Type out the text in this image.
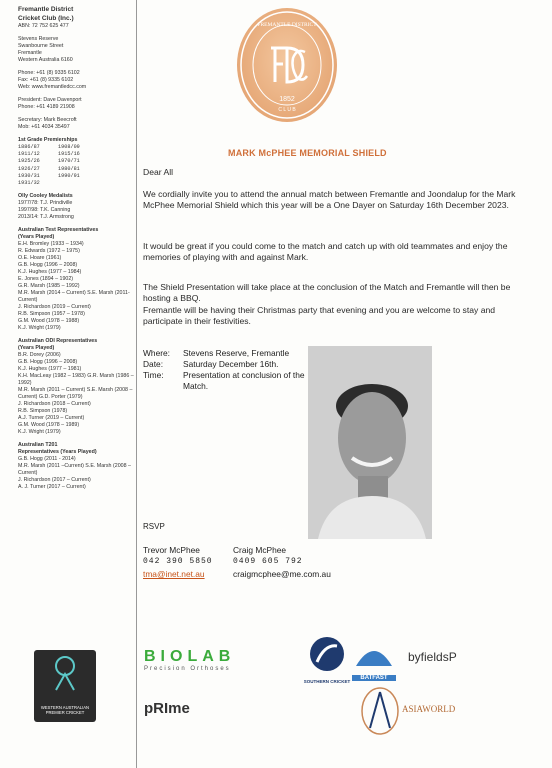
Fremantle District
Cricket Club (Inc.)
ABN: 72 752 625 477
Stevens Reserve
Swanbourne Street
Fremantle
Western Australia 6160
Phone: +61 (8) 9335 6102
Fax: +61 (8) 9335 6102
Web: www.fremantledcc.com
President: Dave Davenport
Phone: +61 4189 21908
Secretary: Mark Beecroft
Mob: +61 4034 35497
1st Grade Premierships
1886/87	1908/09
1911/12	1915/16
1925/26	1970/71
1926/27	1980/81
1930/31	1990/91
1931/32
Olly Cooley Medalists
1977/78: T.J. Prindiville
1997/98: T.K. Canning
2013/14: T.J. Armstrong
Australian Test Representatives
(Years Played)
E.H. Bromley (1933 – 1934)
R. Edwards (1972 – 1975)
O.E. Hoare (1961)
G.B. Hogg (1996 – 2008)
K.J. Hughes (1977 – 1984)
E. Jones (1894 – 1902)
G.R. Marsh (1985 – 1992)
M.R. Marsh (2014 – Current) S.E. Marsh (2011-Current)
J. Richardson (2019 – Current)
R.B. Simpson (1957 – 1978)
G.M. Wood (1978 – 1988)
K.J. Wright (1979)
Australian ODI Representatives
(Years Played)
B.R. Dorey (2006)
G.B. Hogg (1996 – 2008)
K.J. Hughes (1977 – 1981)
K.H. MacLeay (1982 – 1983) G.R. Marsh (1986 – 1992)
M.R. Marsh (2011 – Current) S.E. Marsh (2008 – Current) G.D. Porter (1979)
J. Richardson (2018 – Current)
R.B. Simpson (1978)
A.J. Turner (2019 – Current)
G.M. Wood (1978 – 1989)
K.J. Wright (1979)
Australian T201
Representatives (Years Played)
G.B. Hogg (2011 - 2014)
M.R. Marsh (2011 –Current) S.E. Marsh (2008 – Current)
J. Richardson (2017 – Current)
A. J. Turner (2017 – Current)
WESTERN AUSTRALIAN PREMIER CRICKET
1852
FREMANTLE DISTRICT
C L U B
MARK McPHEE MEMORIAL SHIELD
Dear All
We cordially invite you to attend the annual match between Fremantle and Joondalup for the Mark McPhee Memorial Shield which this year will be a One Dayer on Saturday 16th December 2023.
It would be great if you could come to the match and catch up with old teammates and enjoy the memories of playing with and against Mark.
The Shield Presentation will take place at the conclusion of the Match and Fremantle will then be hosting a BBQ.
Fremantle will be having their Christmas party that evening and you are welcome to stay and participate in their festivities.
Where:	Stevens Reserve, Fremantle
Date:	Saturday December 16th.
Time:	Presentation at conclusion of the Match.
RSVP
Trevor McPhee
042 390 5850
tma@inet.net.au
Craig McPhee
0409 605 792
craigmcphee@me.com.au
BIOLAB
Precision Orthoses
SOUTHERN CRICKET
BATFAST
byfieldsP
pRIme	ASIAWORLD
